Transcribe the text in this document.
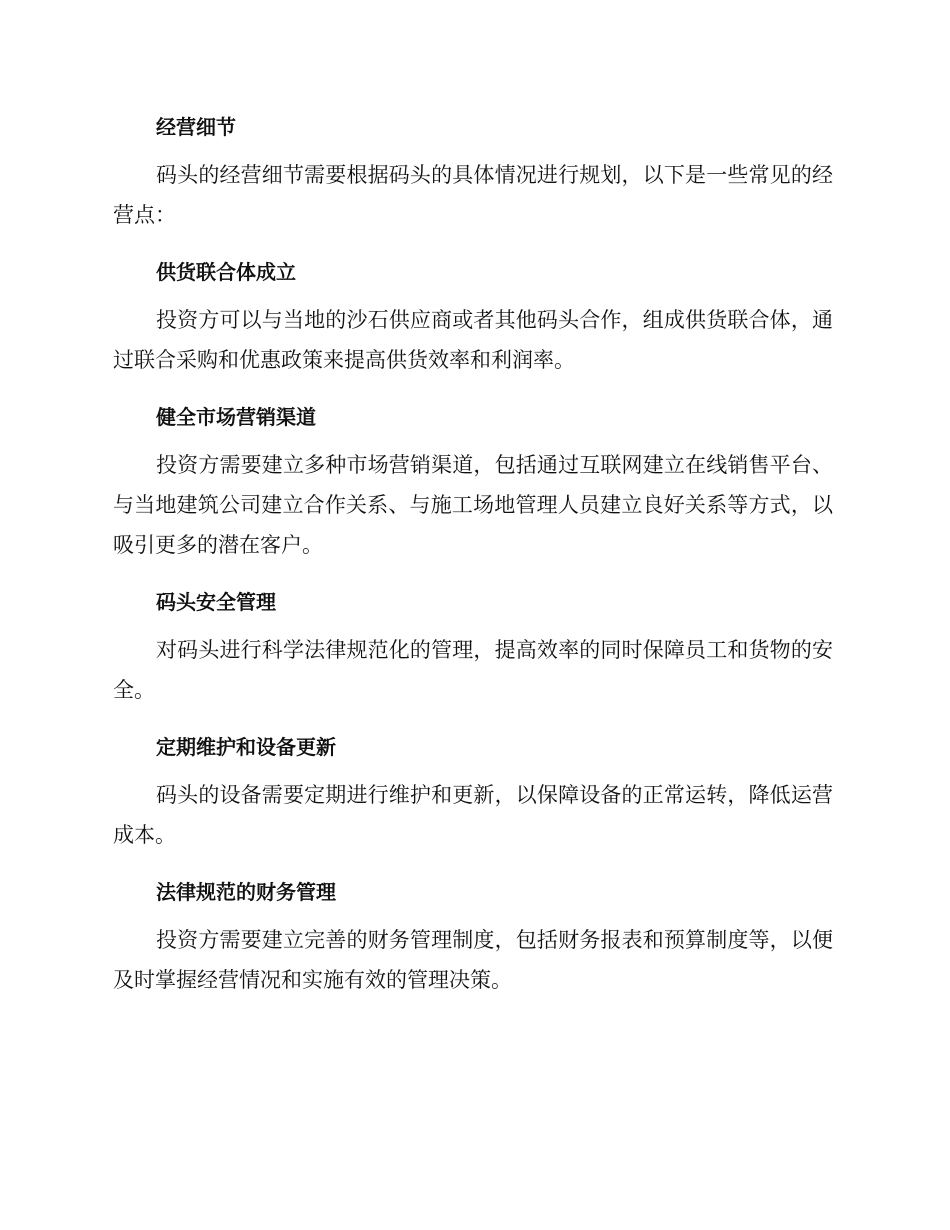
经营细节

码头的经营细节需要根据码头的具体情况进行规划，以下是一些常见的经营点：

供货联合体成立

投资方可以与当地的沙石供应商或者其他码头合作，组成供货联合体，通过联合采购和优惠政策来提高供货效率和利润率。

健全市场营销渠道

投资方需要建立多种市场营销渠道，包括通过互联网建立在线销售平台、与当地建筑公司建立合作关系、与施工场地管理人员建立良好关系等方式，以吸引更多的潜在客户。

码头安全管理

对码头进行科学法律规范化的管理，提高效率的同时保障员工和货物的安全。

定期维护和设备更新

码头的设备需要定期进行维护和更新，以保障设备的正常运转，降低运营成本。

法律规范的财务管理

投资方需要建立完善的财务管理制度，包括财务报表和预算制度等，以便及时掌握经营情况和实施有效的管理决策。
